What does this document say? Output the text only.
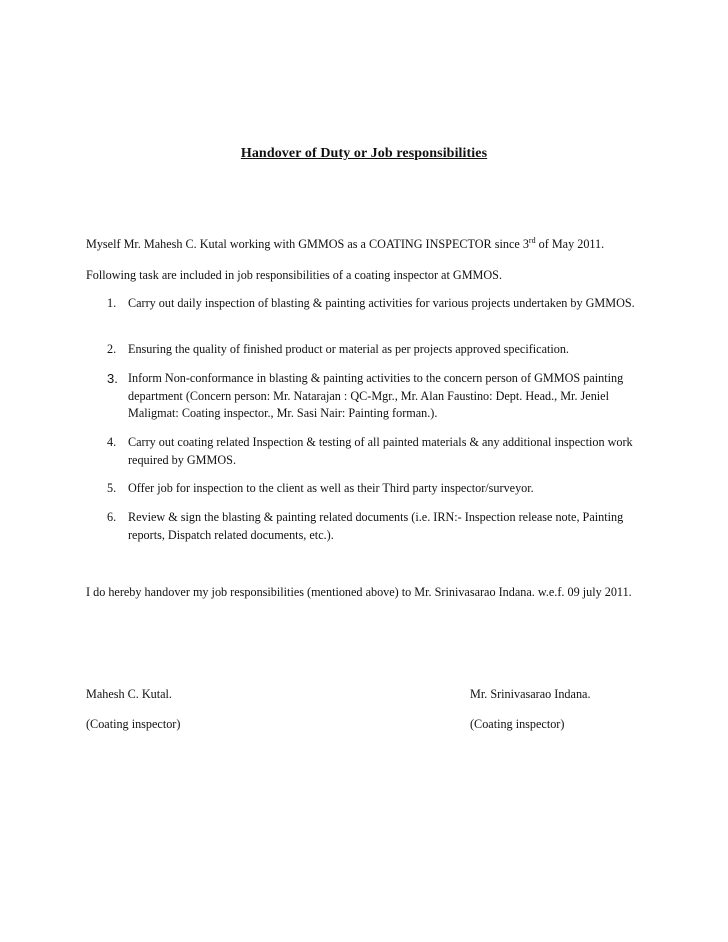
Handover of Duty or Job responsibilities
Myself Mr. Mahesh C. Kutal working with GMMOS as a COATING INSPECTOR since 3rd of May 2011.
Following task are included in job responsibilities of a coating inspector at GMMOS.
1. Carry out daily inspection of blasting & painting activities for various projects undertaken by GMMOS.
2. Ensuring the quality of finished product or material as per projects approved specification.
3. Inform Non-conformance in blasting & painting activities to the concern person of GMMOS painting department (Concern person: Mr. Natarajan : QC-Mgr., Mr. Alan Faustino: Dept. Head., Mr. Jeniel Maligmat: Coating inspector., Mr. Sasi Nair: Painting forman.).
4. Carry out coating related Inspection & testing of all painted materials & any additional inspection work required by GMMOS.
5. Offer job for inspection to the client as well as their Third party inspector/surveyor.
6. Review & sign the blasting & painting related documents (i.e. IRN:- Inspection release note, Painting reports, Dispatch related documents, etc.).
I do hereby handover my job responsibilities (mentioned above) to Mr. Srinivasarao Indana. w.e.f. 09 july 2011.
Mahesh C. Kutal.
(Coating inspector)
Mr. Srinivasarao Indana.
(Coating inspector)
